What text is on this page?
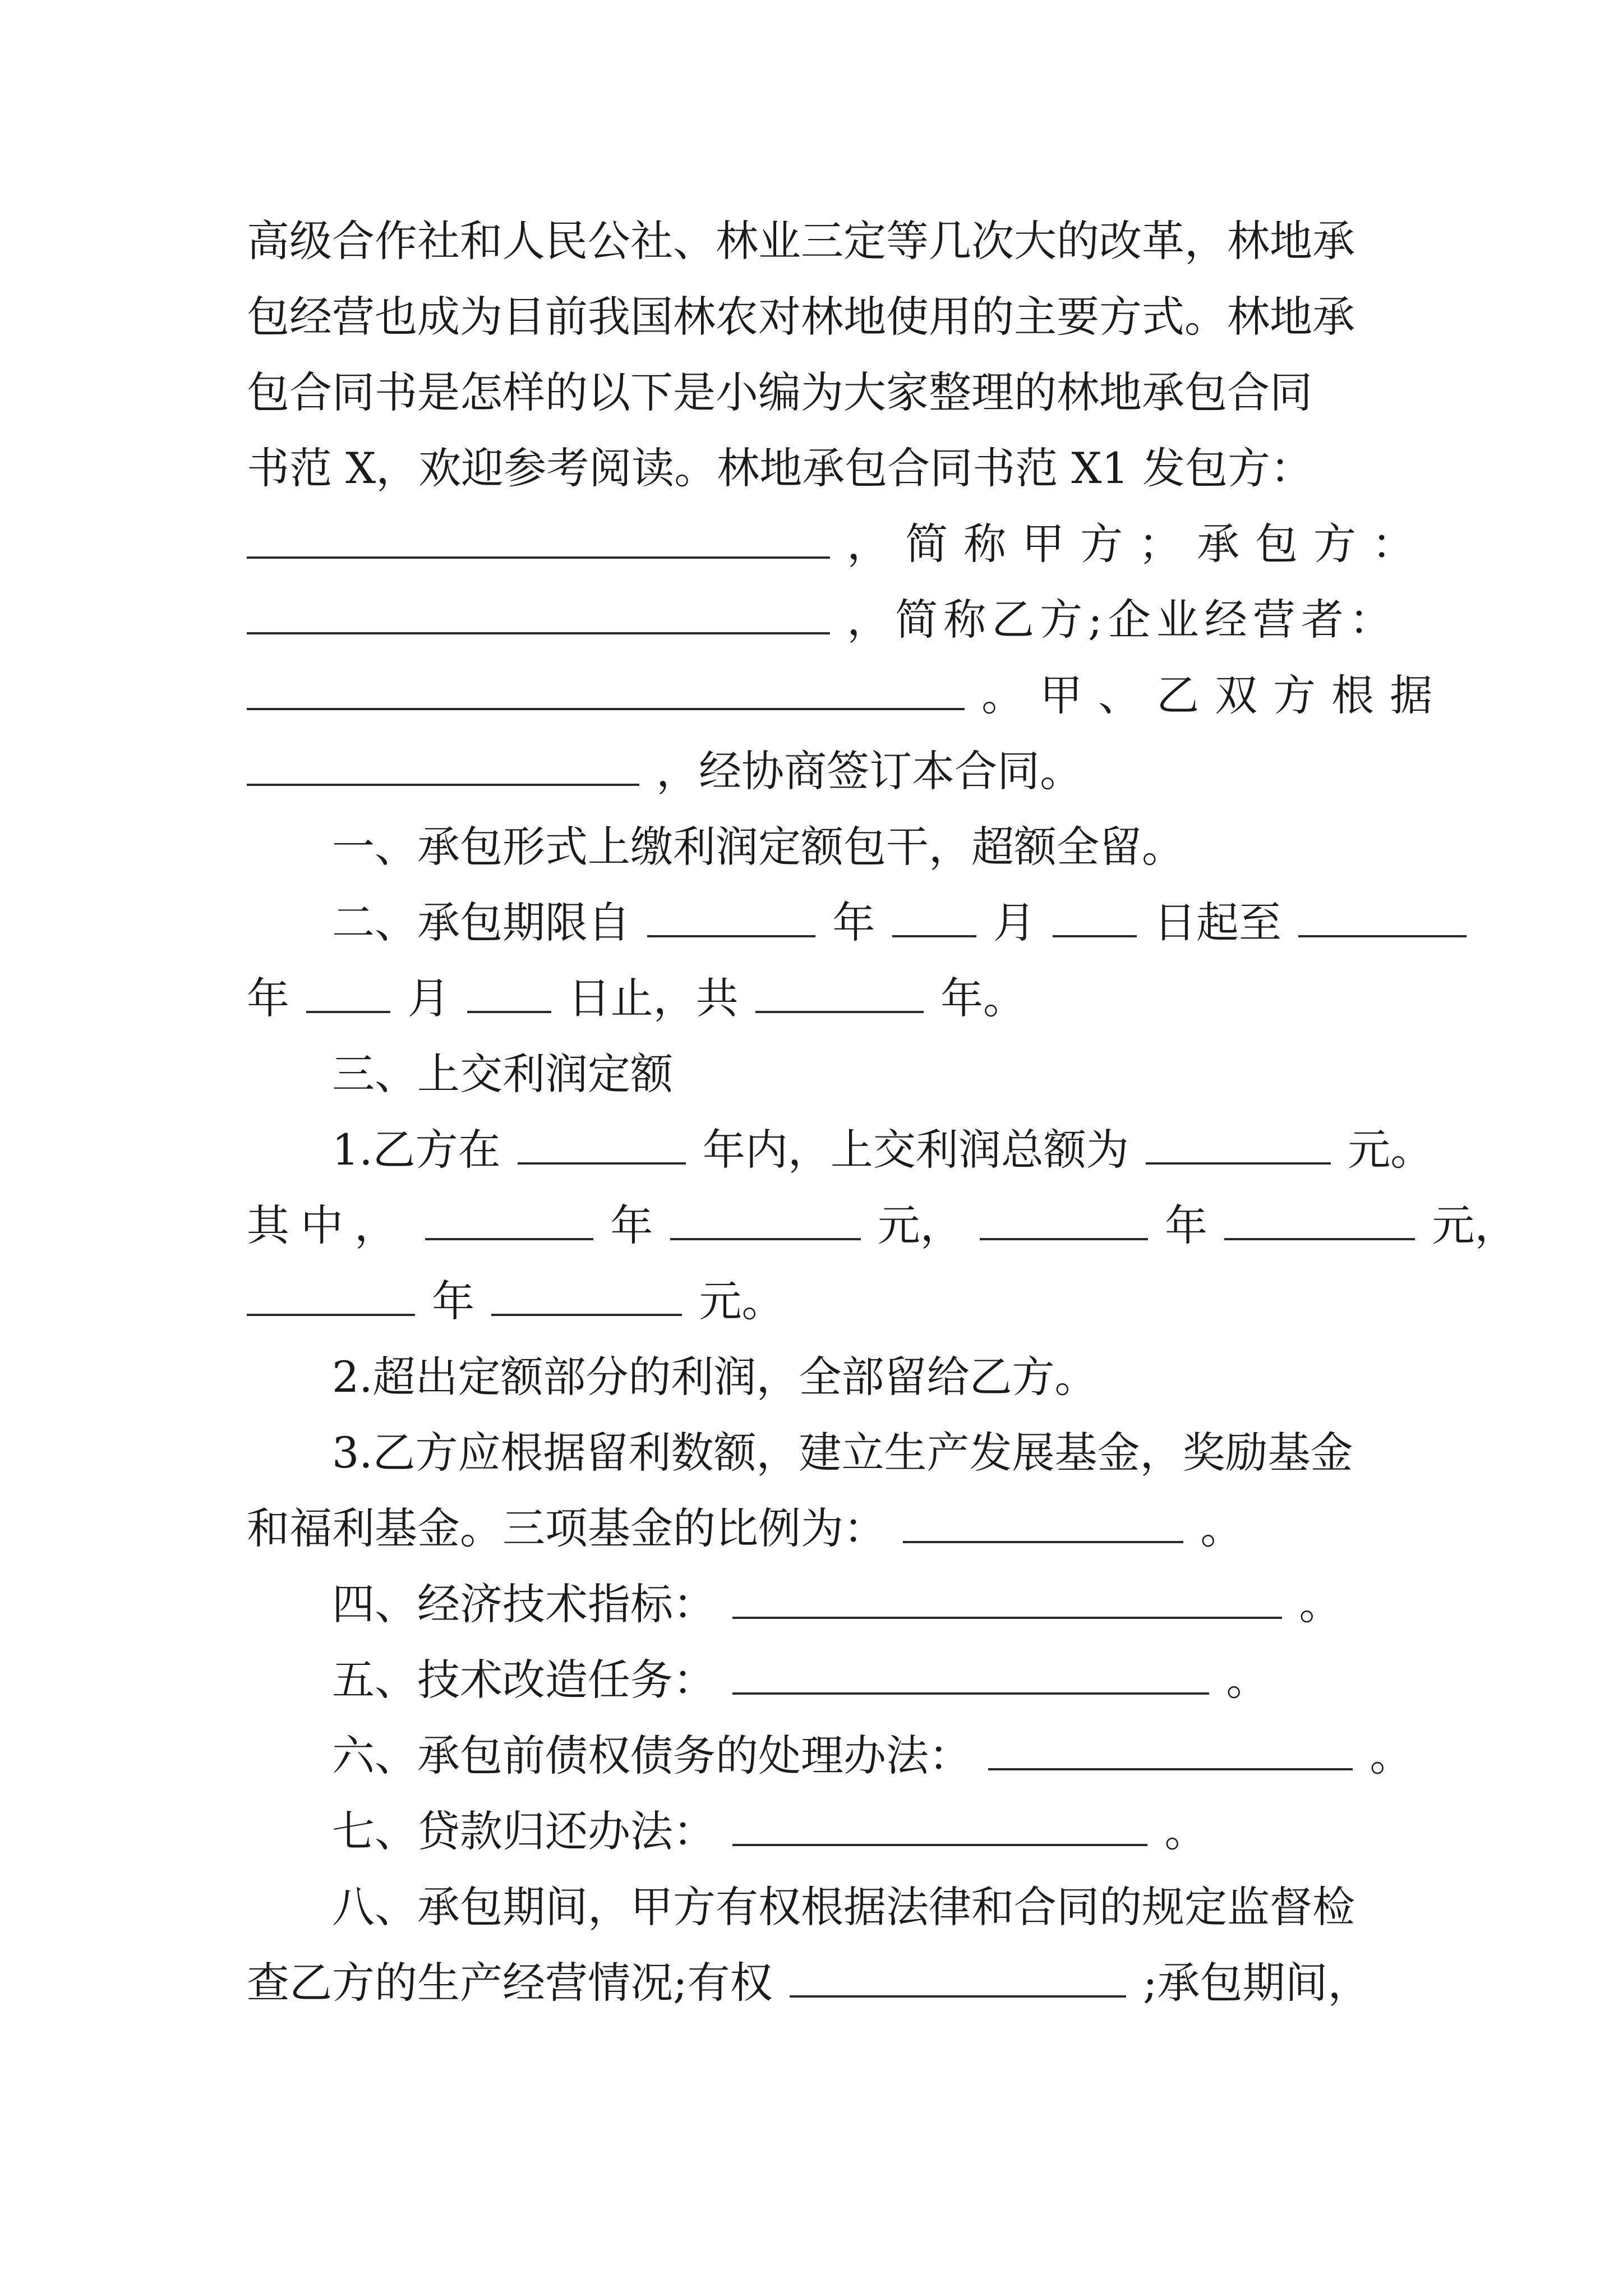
高级合作社和人民公社、林业三定等几次大的改革，林地承
包经营也成为目前我国林农对林地使用的主要方式。林地承
包合同书是怎样的以下是小编为大家整理的林地承包合同
书范 X，欢迎参考阅读。林地承包合同书范 X1 发包方：
，简称甲方；承包方：
，简称乙方;企业经营者：
。甲、乙双方根据
，经协商签订本合同。
一、承包形式上缴利润定额包干，超额全留。
二、承包期限自	年	月	日起至
年	月	日止，共	年。
三、上交利润定额
1.乙方在	年内，上交利润总额为	元。
其中，	年	元，	年	元，
年	元。
2.超出定额部分的利润，全部留给乙方。
3.乙方应根据留利数额，建立生产发展基金，奖励基金
和福利基金。三项基金的比例为：	。
四、经济技术指标：	。
五、技术改造任务：	。
六、承包前债权债务的处理办法：	。
七、贷款归还办法：	。
八、承包期间，甲方有权根据法律和合同的规定监督检
查乙方的生产经营情况;有权	;承包期间，
